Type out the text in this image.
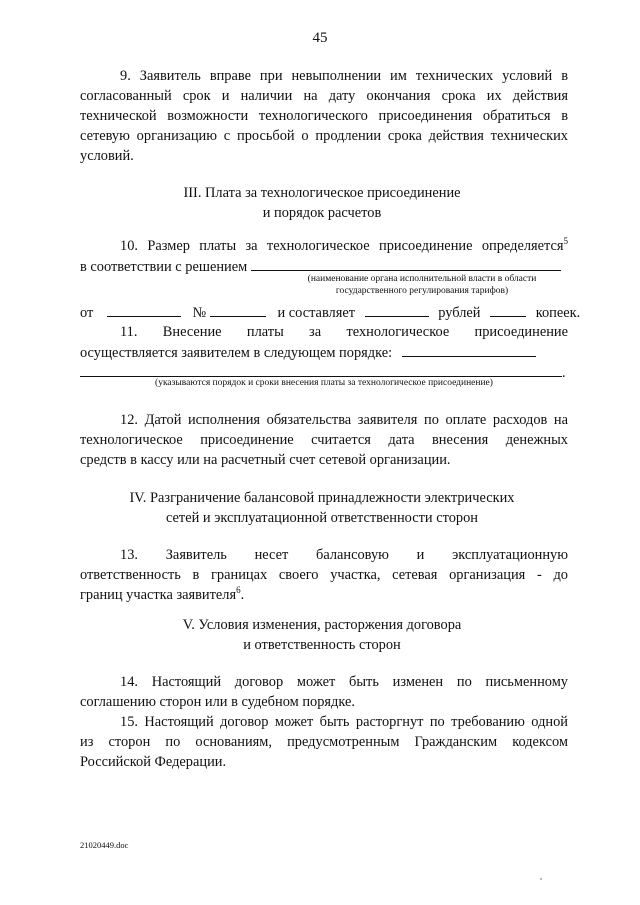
45
9. Заявитель вправе при невыполнении им технических условий в
согласованный срок и наличии на дату окончания срока их действия
технической возможности технологического присоединения обратиться в
сетевую организацию с просьбой о продлении срока действия технических
условий.
III. Плата за технологическое присоединение
и порядок расчетов
10. Размер платы за технологическое присоединение определяется$^5$
в соответствии с решением
(наименование органа исполнительной власти в области
государственного регулирования тарифов)
от	№	и составляет	рублей	копеек.
11. Внесение платы за технологическое присоединение
осуществляется заявителем в следующем порядке:
.
(указываются порядок и сроки внесения платы за технологическое присоединение)
12. Датой исполнения обязательства заявителя по оплате расходов на
технологическое присоединение считается дата внесения денежных
средств в кассу или на расчетный счет сетевой организации.
IV. Разграничение балансовой принадлежности электрических
сетей и эксплуатационной ответственности сторон
13. Заявитель несет балансовую и эксплуатационную
ответственность в границах своего участка, сетевая организация - до
границ участка заявителя$^6$.
V. Условия изменения, расторжения договора
и ответственность сторон
14. Настоящий договор может быть изменен по письменному
соглашению сторон или в судебном порядке.
15. Настоящий договор может быть расторгнут по требованию одной
из сторон по основаниям, предусмотренным Гражданским кодексом
Российской Федерации.
21020449.doc
